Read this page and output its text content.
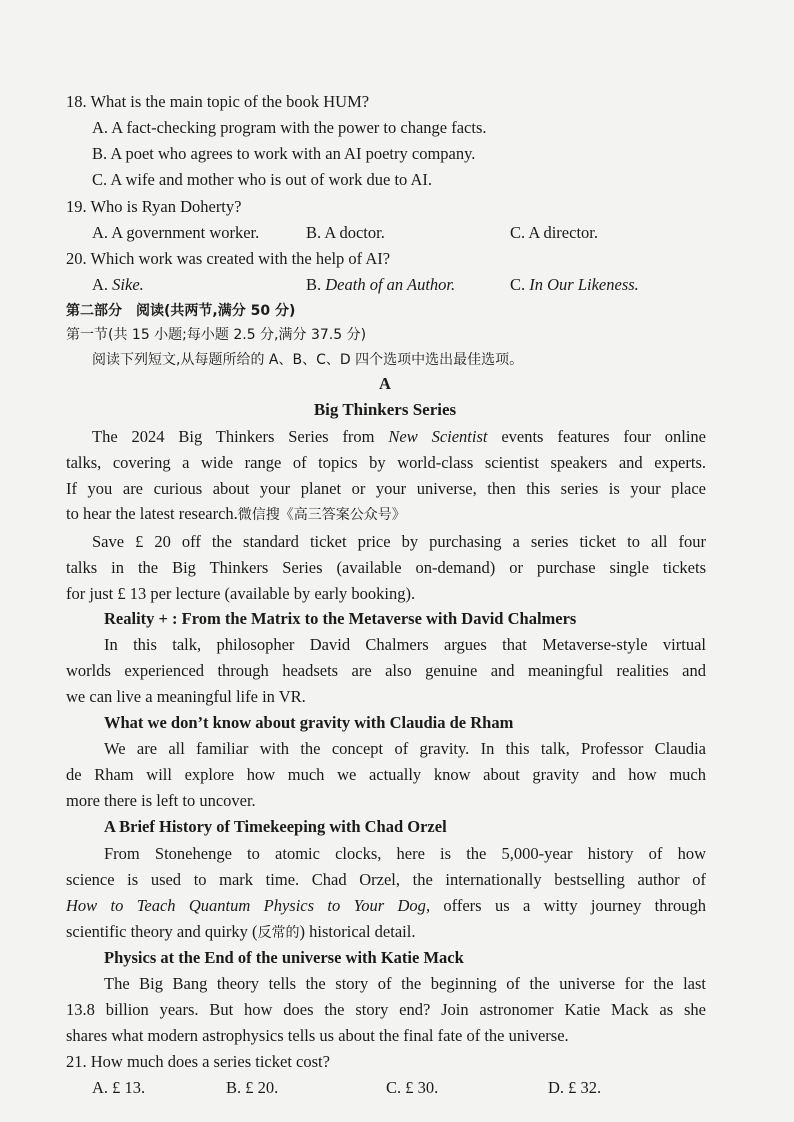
18. What is the main topic of the book HUM?
A. A fact-checking program with the power to change facts.
B. A poet who agrees to work with an AI poetry company.
C. A wife and mother who is out of work due to AI.
19. Who is Ryan Doherty?
A. A government worker.	B. A doctor.	C. A director.
20. Which work was created with the help of AI?
A. Sike.	B. Death of an Author.	C. In Our Likeness.
第二部分　阅读(共两节,满分 50 分)
第一节(共 15 小题;每小题 2.5 分,满分 37.5 分)
阅读下列短文,从每题所给的 A、B、C、D 四个选项中选出最佳选项。
A
Big Thinkers Series
The 2024 Big Thinkers Series from New Scientist events features four online
talks, covering a wide range of topics by world-class scientist speakers and experts.
If you are curious about your planet or your universe, then this series is your place
to hear the latest research.微信搜《高三答案公众号》
Save £ 20 off the standard ticket price by purchasing a series ticket to all four
talks in the Big Thinkers Series (available on-demand) or purchase single tickets
for just £ 13 per lecture (available by early booking).
Reality + : From the Matrix to the Metaverse with David Chalmers
In this talk, philosopher David Chalmers argues that Metaverse-style virtual
worlds experienced through headsets are also genuine and meaningful realities and
we can live a meaningful life in VR.
What we don’t know about gravity with Claudia de Rham
We are all familiar with the concept of gravity. In this talk, Professor Claudia
de Rham will explore how much we actually know about gravity and how much
more there is left to uncover.
A Brief History of Timekeeping with Chad Orzel
From Stonehenge to atomic clocks, here is the 5,000-year history of how
science is used to mark time. Chad Orzel, the internationally bestselling author of
How to Teach Quantum Physics to Your Dog, offers us a witty journey through
scientific theory and quirky (反常的) historical detail.
Physics at the End of the universe with Katie Mack
The Big Bang theory tells the story of the beginning of the universe for the last
13.8 billion years. But how does the story end? Join astronomer Katie Mack as she
shares what modern astrophysics tells us about the final fate of the universe.
21. How much does a series ticket cost?
A. £ 13.	B. £ 20.	C. £ 30.	D. £ 32.
